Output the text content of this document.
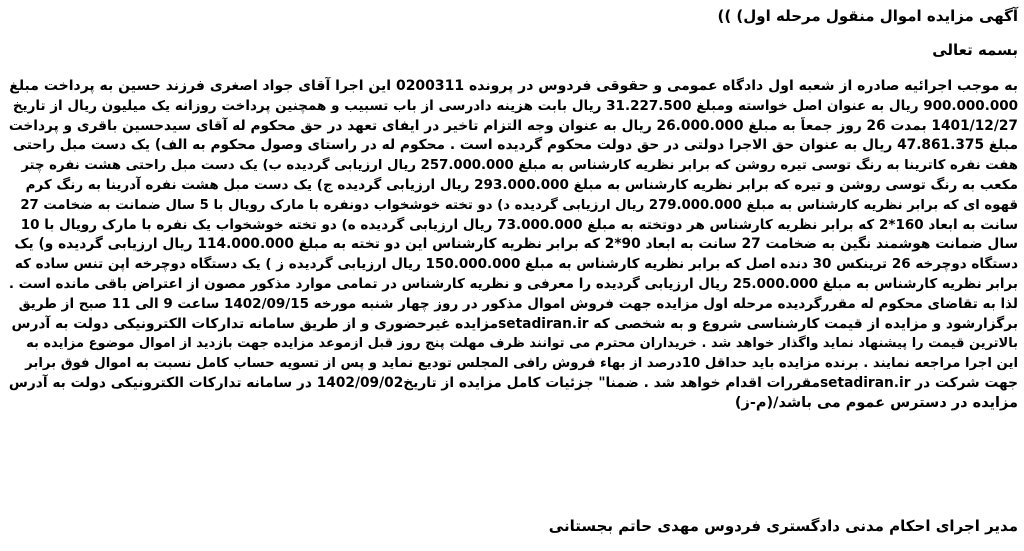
آگهی مزایده اموال منقول مرحله اول) ))
بسمه تعالی
به موجب اجرائیه صادره از شعبه اول دادگاه عمومی و حقوقی فردوس در پرونده 0200311 این اجرا آقای جواد اصغری فرزند حسین به پرداخت مبلغ
900.000.000 ریال به عنوان اصل خواسته ومبلغ 31.227.500 ریال بابت هزینه دادرسی از باب تسبیب و همچنین پرداخت روزانه یک میلیون ریال از تاریخ
1401/12/27 بمدت 26 روز جمعاً به مبلغ 26.000.000 ریال به عنوان وجه التزام تاخیر در ایفای تعهد در حق محکوم له آقای سیدحسین باقری و پرداخت
مبلغ 47.861.375 ریال به عنوان حق الاجرا دولتی در حق دولت محکوم گردیده است . محکوم له در راستای وصول محکوم به الف) یک دست مبل راحتی
هفت نفره کاترینا به رنگ توسی تیره روشن که برابر نظریه کارشناس به مبلغ 257.000.000 ریال ارزیابی گردیده ب) یک دست مبل راحتی هشت نفره چتر
مکعب به رنگ توسی روشن و تیره که برابر نظریه کارشناس به مبلغ 293.000.000 ریال ارزیابی گردیده ج) یک دست مبل هشت نفره آدرینا به رنگ کرم
قهوه ای که برابر نظریه کارشناس به مبلغ 279.000.000 ریال ارزیابی گردیده د) دو تخته خوشخواب دونفره با مارک رویال با 5 سال ضمانت به ضخامت 27
سانت به ابعاد 160*2 که برابر نظریه کارشناس هر دوتخته به مبلغ 73.000.000 ریال ارزیابی گردیده ه) دو تخته خوشخواب یک نفره با مارک رویال با 10
سال ضمانت هوشمند نگین به ضخامت 27 سانت به ابعاد 90*2 که برابر نظریه کارشناس این دو تخته به مبلغ 114.000.000 ریال ارزیابی گردیده و) یک
دستگاه دوچرخه 26 ترینکس 30 دنده اصل که برابر نظریه کارشناس به مبلغ 150.000.000 ریال ارزیابی گردیده ز ) یک دستگاه دوچرخه اپن تنس ساده که
برابر نظریه کارشناس به مبلغ 25.000.000 ریال ارزیابی گردیده را معرفی و نظریه کارشناس در تمامی موارد مذکور مصون از اعتراض باقی مانده است .
لذا به تقاضای محکوم له مقررگردیده مرحله اول مزایده جهت فروش اموال مذکور در روز چهار شنبه مورخه 1402/09/15 ساعت 9 الی 11 صبح از طریق
برگزارشود و مزایده از قیمت کارشناسی شروع و به شخصی که setadiran.irمزایده غیرحضوری و از طریق سامانه تدارکات الکترونیکی دولت به آدرس
بالاترین قیمت را پیشنهاد نماید واگذار خواهد شد . خریداران محترم می توانند ظرف مهلت پنج روز قبل ازموعد مزایده جهت بازدید از اموال موضوع مزایده به
این اجرا مراجعه نمایند . برنده مزایده باید حداقل 10درصد از بهاء فروش رافی المجلس تودیع نماید و پس از تسویه حساب کامل نسبت به اموال فوق برابر
جهت شرکت در setadiran.irمقررات اقدام خواهد شد . ضمنا" جزئیات کامل مزایده از تاریخ1402/09/02 در سامانه تدارکات الکترونیکی دولت به آدرس
مزایده در دسترس عموم می باشد/(م-ز)
مدیر اجرای احکام مدنی دادگستری فردوس مهدی حاتم بجستانی
